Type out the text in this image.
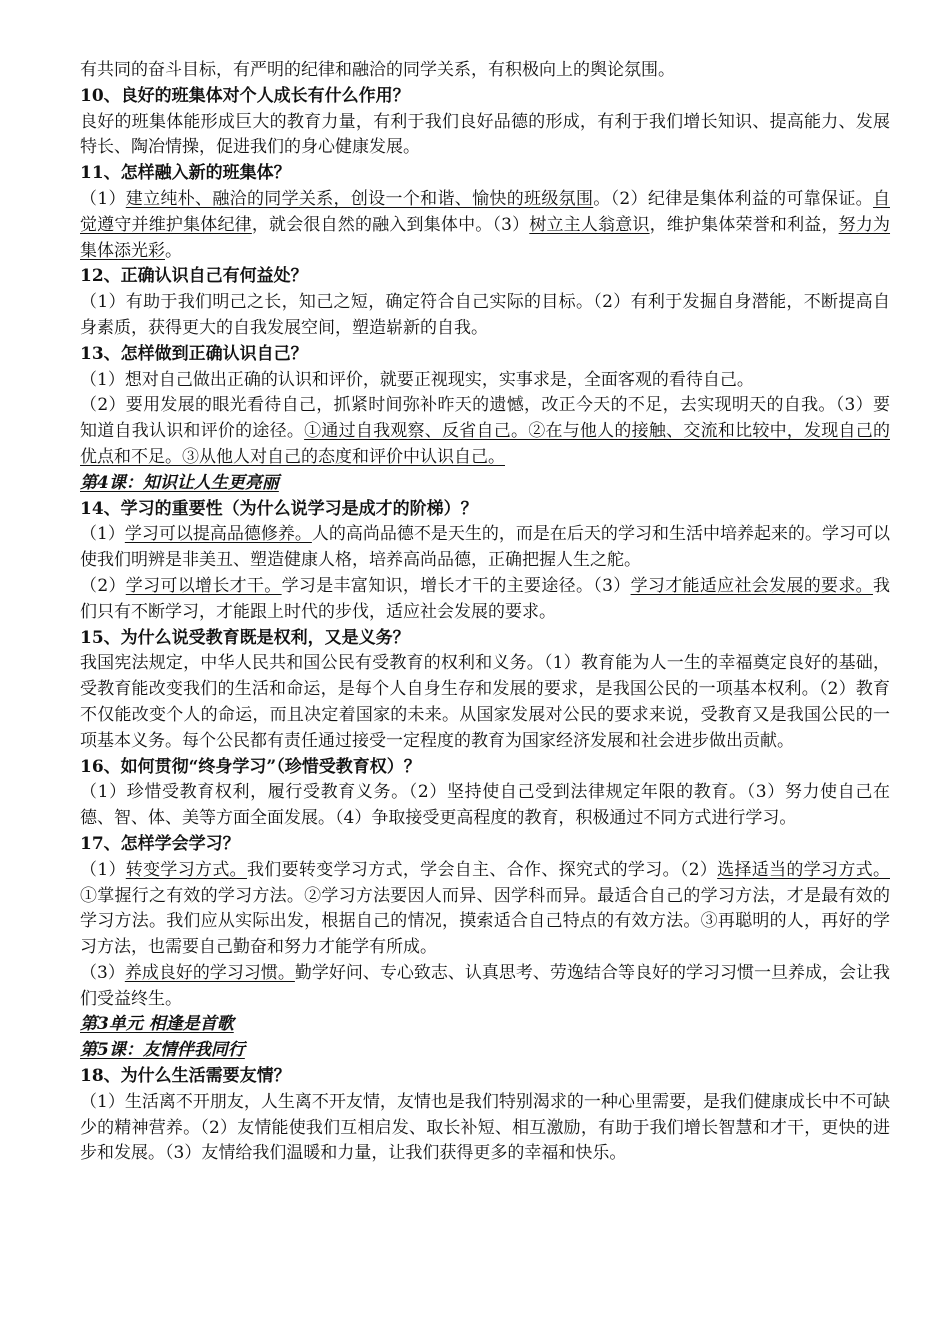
有共同的奋斗目标，有严明的纪律和融洽的同学关系，有积极向上的舆论氛围。

10、良好的班集体对个人成长有什么作用？

良好的班集体能形成巨大的教育力量，有利于我们良好品德的形成，有利于我们增长知识、提高能力、发展特长、陶冶情操，促进我们的身心健康发展。

11、怎样融入新的班集体？

（1）建立纯朴、融洽的同学关系，创设一个和谐、愉快的班级氛围。（2）纪律是集体利益的可靠保证。自觉遵守并维护集体纪律，就会很自然的融入到集体中。（3）树立主人翁意识，维护集体荣誉和利益，努力为集体添光彩。

12、正确认识自己有何益处？

（1）有助于我们明己之长，知己之短，确定符合自己实际的目标。（2）有利于发掘自身潜能，不断提高自身素质，获得更大的自我发展空间，塑造崭新的自我。

13、怎样做到正确认识自己？

（1）想对自己做出正确的认识和评价，就要正视现实，实事求是，全面客观的看待自己。

（2）要用发展的眼光看待自己，抓紧时间弥补昨天的遗憾，改正今天的不足，去实现明天的自我。（3）要知道自我认识和评价的途径。①通过自我观察、反省自己。②在与他人的接触、交流和比较中，发现自己的优点和不足。③从他人对自己的态度和评价中认识自己。

第4课：知识让人生更亮丽

14、学习的重要性（为什么说学习是成才的阶梯）？

（1）学习可以提高品德修养。人的高尚品德不是天生的，而是在后天的学习和生活中培养起来的。学习可以使我们明辨是非美丑、塑造健康人格，培养高尚品德，正确把握人生之舵。

（2）学习可以增长才干。学习是丰富知识，增长才干的主要途径。（3）学习才能适应社会发展的要求。我们只有不断学习，才能跟上时代的步伐，适应社会发展的要求。

15、为什么说受教育既是权利，又是义务？

我国宪法规定，中华人民共和国公民有受教育的权利和义务。（1）教育能为人一生的幸福奠定良好的基础，受教育能改变我们的生活和命运，是每个人自身生存和发展的要求，是我国公民的一项基本权利。（2）教育不仅能改变个人的命运，而且决定着国家的未来。从国家发展对公民的要求来说，受教育又是我国公民的一项基本义务。每个公民都有责任通过接受一定程度的教育为国家经济发展和社会进步做出贡献。

16、如何贯彻“终身学习”（珍惜受教育权）？

（1）珍惜受教育权利，履行受教育义务。（2）坚持使自己受到法律规定年限的教育。（3）努力使自己在德、智、体、美等方面全面发展。（4）争取接受更高程度的教育，积极通过不同方式进行学习。

17、怎样学会学习？

（1）转变学习方式。我们要转变学习方式，学会自主、合作、探究式的学习。（2）选择适当的学习方式。①掌握行之有效的学习方法。②学习方法要因人而异、因学科而异。最适合自己的学习方法，才是最有效的学习方法。我们应从实际出发，根据自己的情况，摸索适合自己特点的有效方法。③再聪明的人，再好的学习方法，也需要自己勤奋和努力才能学有所成。

（3）养成良好的学习习惯。勤学好问、专心致志、认真思考、劳逸结合等良好的学习习惯一旦养成，会让我们受益终生。

第3单元 相逢是首歌

第5课：友情伴我同行

18、为什么生活需要友情？

（1）生活离不开朋友，人生离不开友情，友情也是我们特别渴求的一种心里需要，是我们健康成长中不可缺少的精神营养。（2）友情能使我们互相启发、取长补短、相互激励，有助于我们增长智慧和才干，更快的进步和发展。（3）友情给我们温暖和力量，让我们获得更多的幸福和快乐。
